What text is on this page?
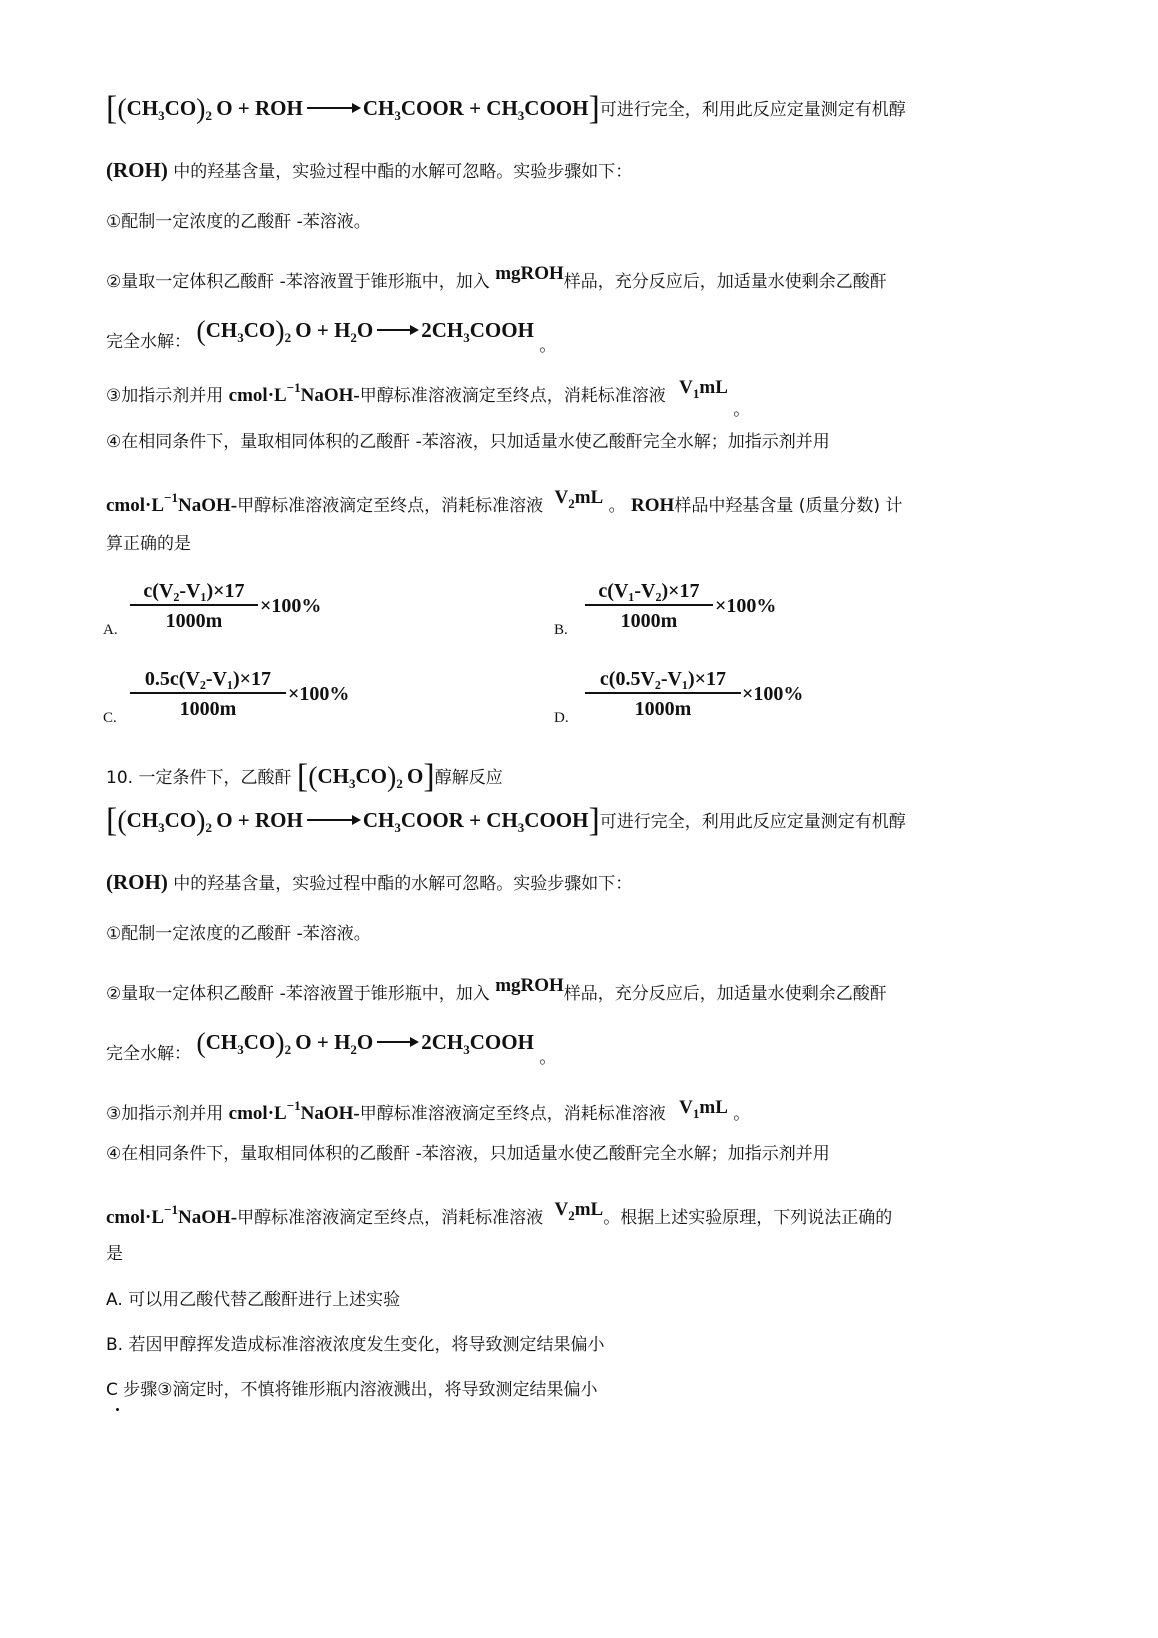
[$(CH_3CO)_2$ O + ROH → $CH_3COOR$ + $CH_3COOH$]可进行完全，利用此反应定量测定有机醇
(ROH) 中的羟基含量，实验过程中酯的水解可忽略。实验步骤如下：
①配制一定浓度的乙酸酐 -苯溶液。
②量取一定体积乙酸酐 -苯溶液置于锥形瓶中，加入 mgROH样品，充分反应后，加适量水使剩余乙酸酐
完全水解： $(CH_3CO)_2$ $O + H_2O$ → $2CH_3COOH$ 。
③加指示剂并用 $cmol\cdot L^{-1}NaOH-$甲醇标准溶液滴定至终点，消耗标准溶液 $V_1mL$ 。
④在相同条件下，量取相同体积的乙酸酐 -苯溶液，只加适量水使乙酸酐完全水解；加指示剂并用
$cmol\cdot L^{-1}NaOH-$甲醇标准溶液滴定至终点，消耗标准溶液 $V_2mL$ 。 ROH样品中羟基含量 (质量分数) 计
算正确的是
A. $\frac{\text{c(V₂-V₁)×17}}{1000m} \times 100\%$
B. $\frac{\text{c(V₁-V₂)×17}}{1000m} \times 100\%$
C. $\frac{\text{0.5c(V₂-V₁)×17}}{1000m} \times 100\%$
D. $\frac{\text{c(0.5V₂-V₁)×17}}{1000m} \times 100\%$
10. 一定条件下，乙酸酐 [$(CH_3CO)_2$ O]醇解反应
[$(CH_3CO)_2$ O + ROH → $CH_3COOR$ + $CH_3COOH$]可进行完全，利用此反应定量测定有机醇
(ROH) 中的羟基含量，实验过程中酯的水解可忽略。实验步骤如下：
①配制一定浓度的乙酸酐 -苯溶液。
②量取一定体积乙酸酐 -苯溶液置于锥形瓶中，加入 mgROH样品，充分反应后，加适量水使剩余乙酸酐
完全水解： $(CH_3CO)_2$ $O + H_2O$ → $2CH_3COOH$ 。
③加指示剂并用 $cmol\cdot L^{-1}NaOH-$甲醇标准溶液滴定至终点，消耗标准溶液 $V_1mL$ 。
④在相同条件下，量取相同体积的乙酸酐 -苯溶液，只加适量水使乙酸酐完全水解；加指示剂并用
$cmol\cdot L^{-1}NaOH-$甲醇标准溶液滴定至终点，消耗标准溶液 $V_2mL$。根据上述实验原理，下列说法正确的
是
A. 可以用乙酸代替乙酸酐进行上述实验
B. 若因甲醇挥发造成标准溶液浓度发生变化，将导致测定结果偏小
C 步骤③滴定时，不慎将锥形瓶内溶液溅出，将导致测定结果偏小
